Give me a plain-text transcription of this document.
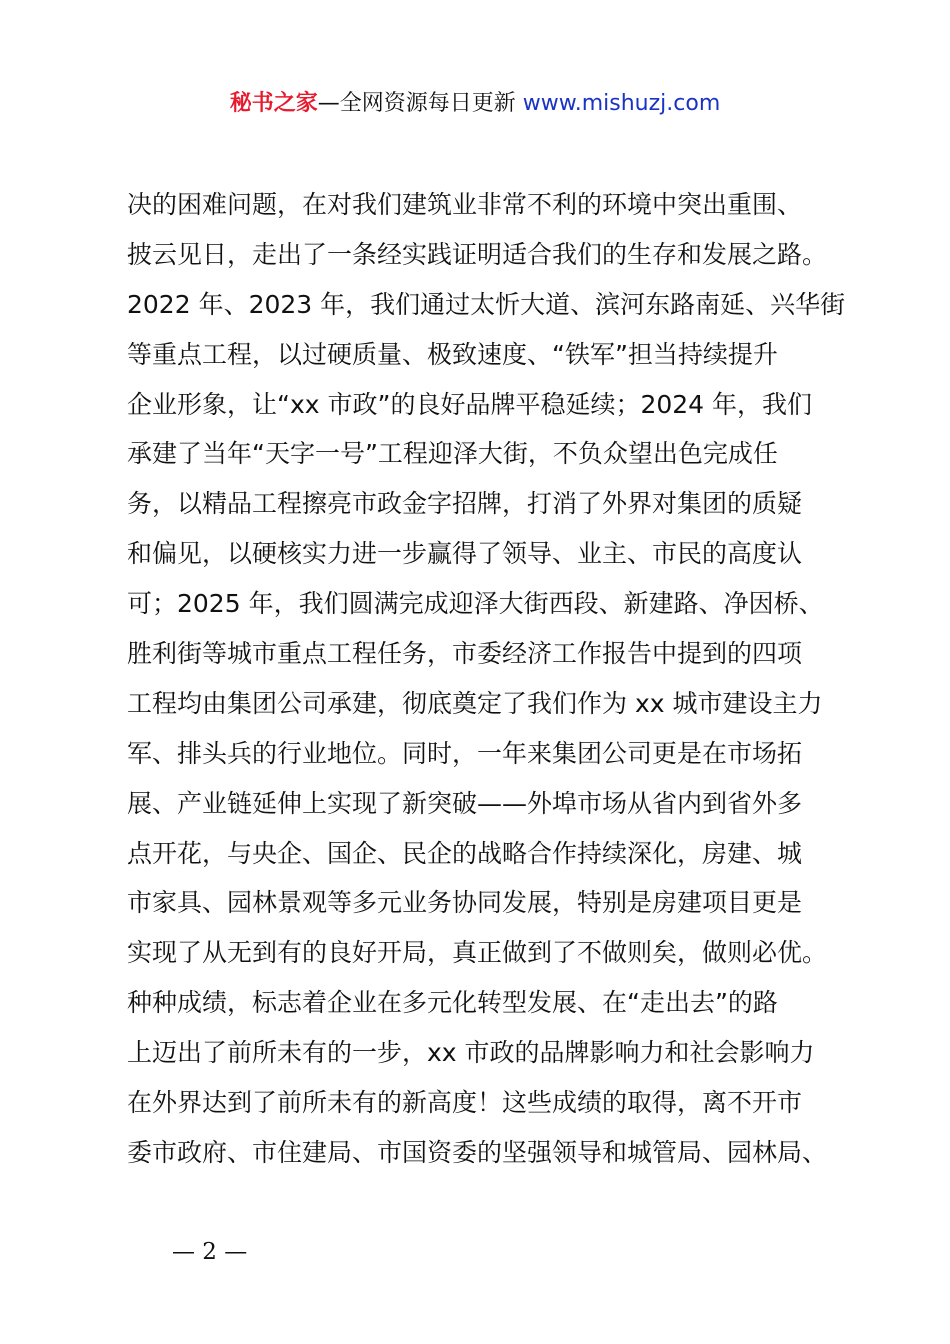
秘书之家—全网资源每日更新 www.mishuzj.com
决的困难问题，在对我们建筑业非常不利的环境中突出重围、
披云见日，走出了一条经实践证明适合我们的生存和发展之路。
2022 年、2023 年，我们通过太忻大道、滨河东路南延、兴华街
等重点工程，以过硬质量、极致速度、“铁军”担当持续提升
企业形象，让“xx 市政”的良好品牌平稳延续；2024 年，我们
承建了当年“天字一号”工程迎泽大街，不负众望出色完成任
务，以精品工程擦亮市政金字招牌，打消了外界对集团的质疑
和偏见，以硬核实力进一步赢得了领导、业主、市民的高度认
可；2025 年，我们圆满完成迎泽大街西段、新建路、净因桥、
胜利街等城市重点工程任务，市委经济工作报告中提到的四项
工程均由集团公司承建，彻底奠定了我们作为 xx 城市建设主力
军、排头兵的行业地位。同时，一年来集团公司更是在市场拓
展、产业链延伸上实现了新突破——外埠市场从省内到省外多
点开花，与央企、国企、民企的战略合作持续深化，房建、城
市家具、园林景观等多元业务协同发展，特别是房建项目更是
实现了从无到有的良好开局，真正做到了不做则矣，做则必优。
种种成绩，标志着企业在多元化转型发展、在“走出去”的路
上迈出了前所未有的一步，xx 市政的品牌影响力和社会影响力
在外界达到了前所未有的新高度！这些成绩的取得，离不开市
委市政府、市住建局、市国资委的坚强领导和城管局、园林局、
— 2 —
